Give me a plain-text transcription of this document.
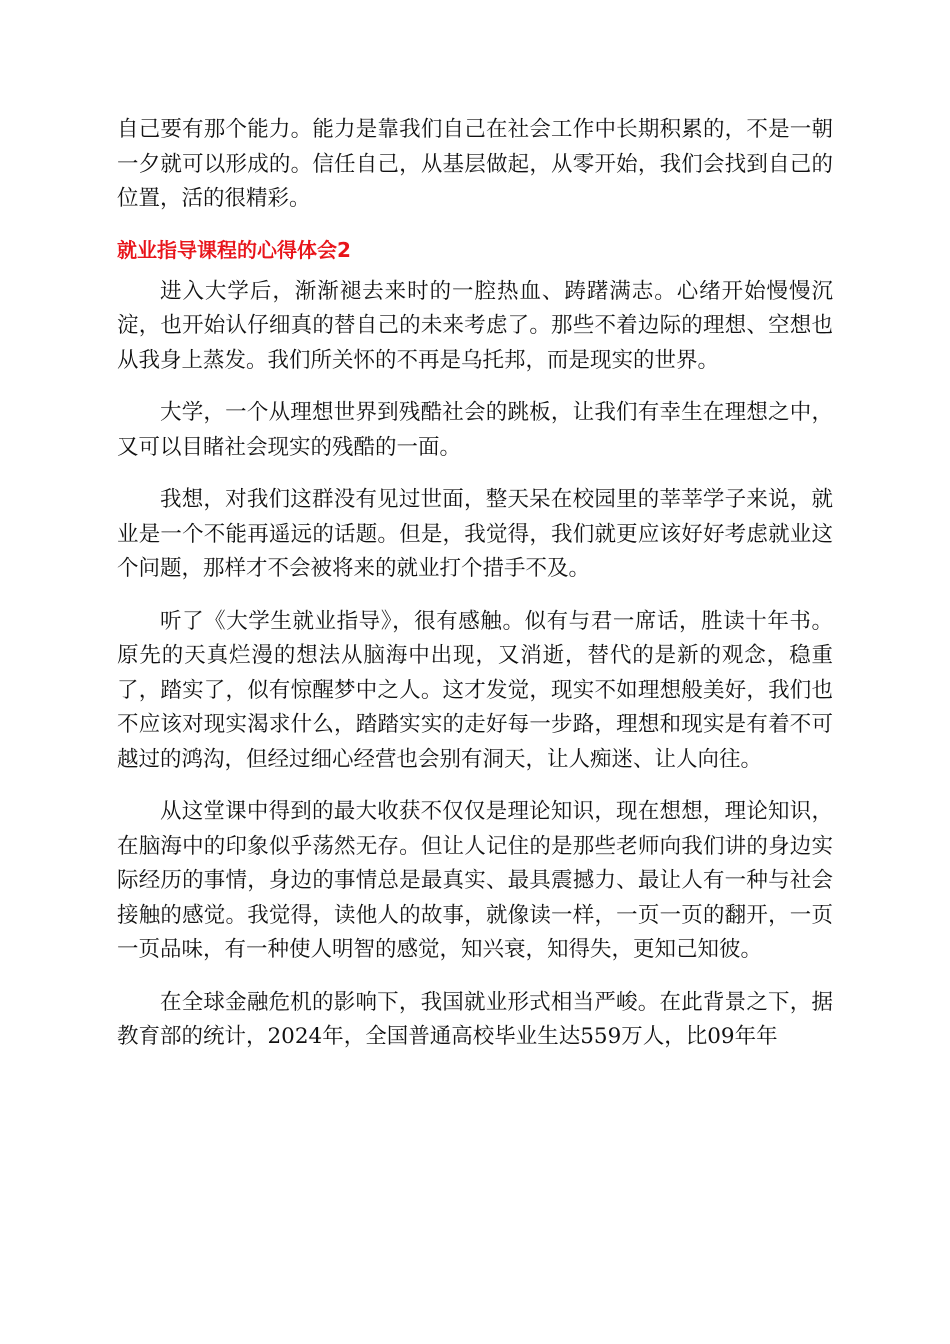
自己要有那个能力。能力是靠我们自己在社会工作中长期积累的，不是一朝一夕就可以形成的。信任自己，从基层做起，从零开始，我们会找到自己的位置，活的很精彩。

就业指导课程的心得体会2

进入大学后，渐渐褪去来时的一腔热血、踌躇满志。心绪开始慢慢沉淀，也开始认仔细真的替自己的未来考虑了。那些不着边际的理想、空想也从我身上蒸发。我们所关怀的不再是乌托邦，而是现实的世界。

大学，一个从理想世界到残酷社会的跳板，让我们有幸生在理想之中，又可以目睹社会现实的残酷的一面。

我想，对我们这群没有见过世面，整天呆在校园里的莘莘学子来说，就业是一个不能再遥远的话题。但是，我觉得，我们就更应该好好考虑就业这个问题，那样才不会被将来的就业打个措手不及。

听了《大学生就业指导》，很有感触。似有与君一席话，胜读十年书。原先的天真烂漫的想法从脑海中出现，又消逝，替代的是新的观念，稳重了，踏实了，似有惊醒梦中之人。这才发觉，现实不如理想般美好，我们也不应该对现实渴求什么，踏踏实实的走好每一步路，理想和现实是有着不可越过的鸿沟，但经过细心经营也会别有洞天，让人痴迷、让人向往。

从这堂课中得到的最大收获不仅仅是理论知识，现在想想，理论知识，在脑海中的印象似乎荡然无存。但让人记住的是那些老师向我们讲的身边实际经历的事情，身边的事情总是最真实、最具震撼力、最让人有一种与社会接触的感觉。我觉得，读他人的故事，就像读一样，一页一页的翻开，一页一页品味，有一种使人明智的感觉，知兴衰，知得失，更知己知彼。

在全球金融危机的影响下，我国就业形式相当严峻。在此背景之下，据教育部的统计，2024年，全国普通高校毕业生达559万人，比09年年
